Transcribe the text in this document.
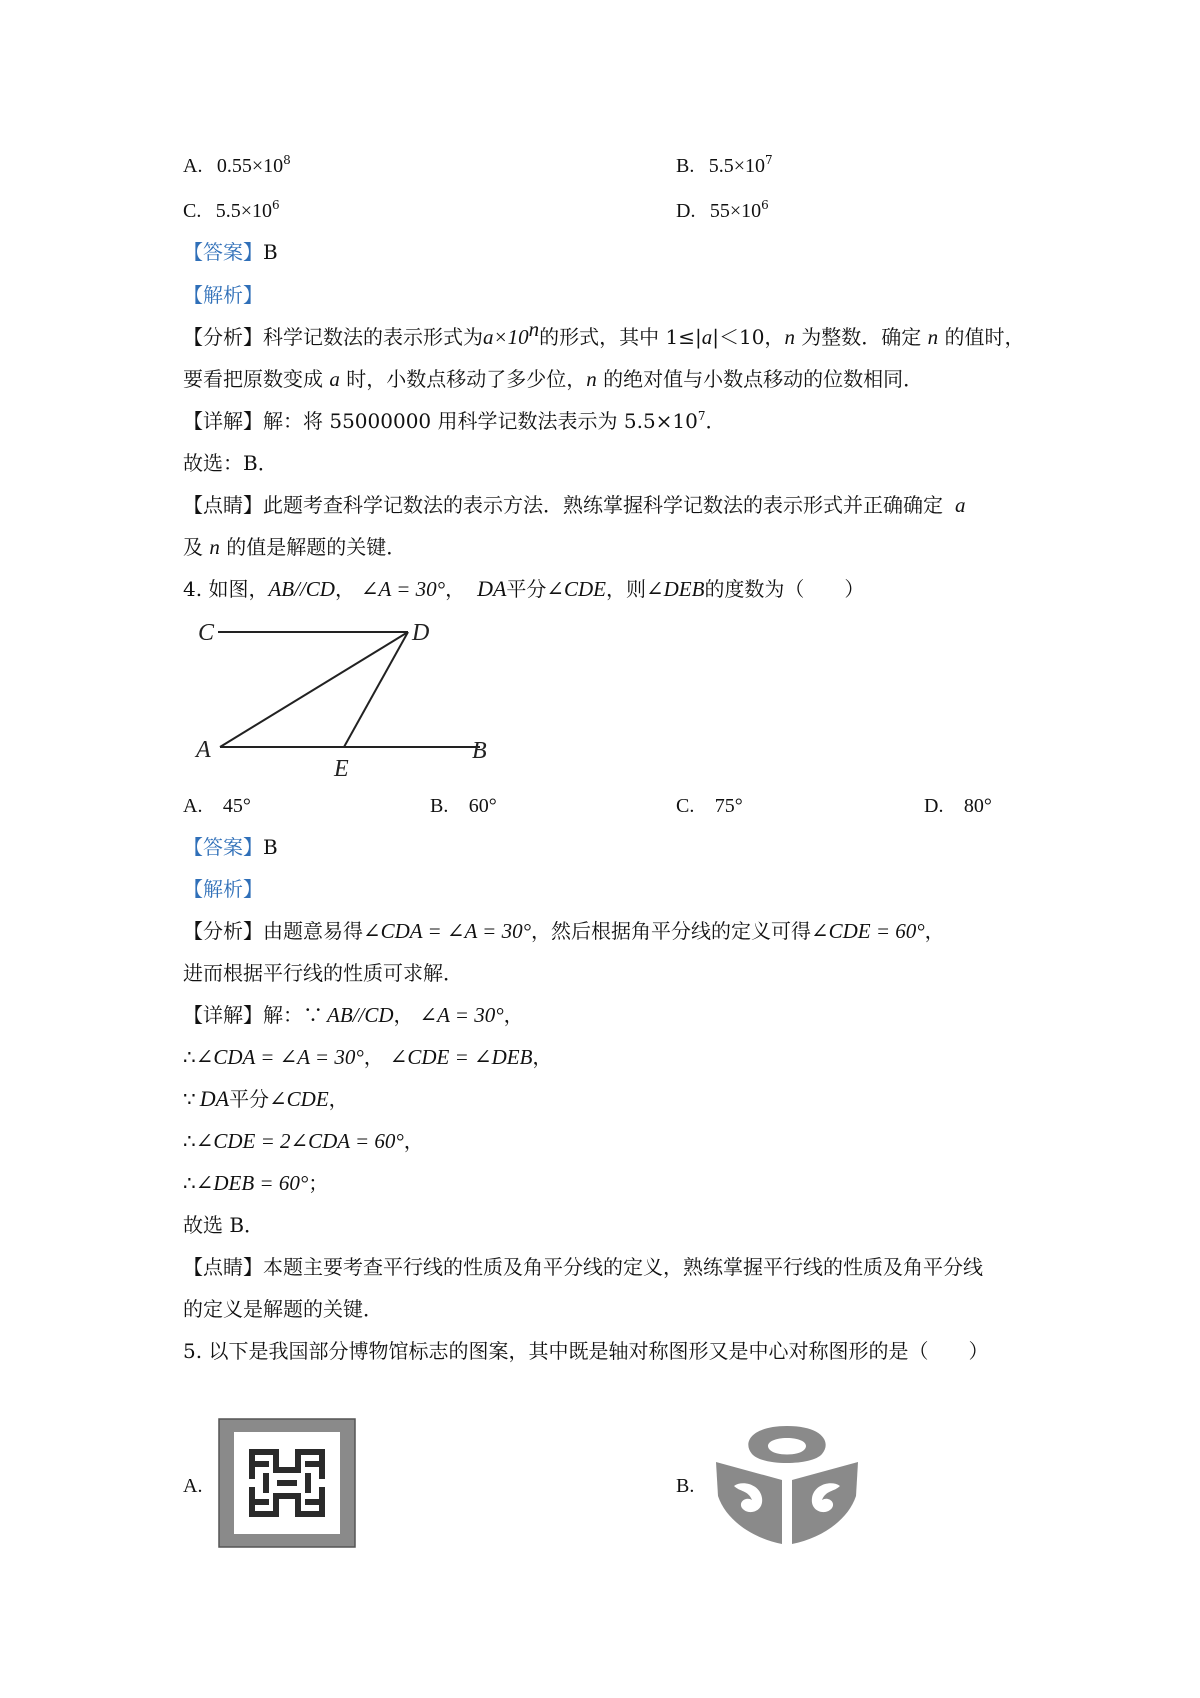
A. $0.55\times 10^8$	B. $5.5\times 10^7$
C. $5.5\times 10^6$	D. $55\times 10^6$
【答案】B
【解析】
【分析】科学记数法的表示形式为$a\times 10^n$的形式，其中 1≤|a|＜10，n 为整数．确定 n 的值时，
要看把原数变成 a 时，小数点移动了多少位，n 的绝对值与小数点移动的位数相同．
【详解】解：将 55000000 用科学记数法表示为 $5.5\times 10^7$．
故选：B．
【点睛】此题考查科学记数法的表示方法．熟练掌握科学记数法的表示形式并正确确定 a
及 n 的值是解题的关键．
4. 如图，AB//CD， ∠A = 30°， DA平分∠CDE，则∠DEB的度数为（　　）
C	D
A
E
B
A. 45°	B. 60°	C. 75°	D. 80°
【答案】B
【解析】
【分析】由题意易得∠CDA = ∠A = 30°，然后根据角平分线的定义可得∠CDE = 60°，
进而根据平行线的性质可求解．
【详解】解：∵ AB//CD， ∠A = 30°，
∴∠CDA = ∠A = 30°， ∠CDE = ∠DEB，
∵ DA平分∠CDE，
∴∠CDE = 2∠CDA = 60°，
∴∠DEB = 60°；
故选 B．
【点睛】本题主要考查平行线的性质及角平分线的定义，熟练掌握平行线的性质及角平分线
的定义是解题的关键．
5. 以下是我国部分博物馆标志的图案，其中既是轴对称图形又是中心对称图形的是（　　）
A.	B.
